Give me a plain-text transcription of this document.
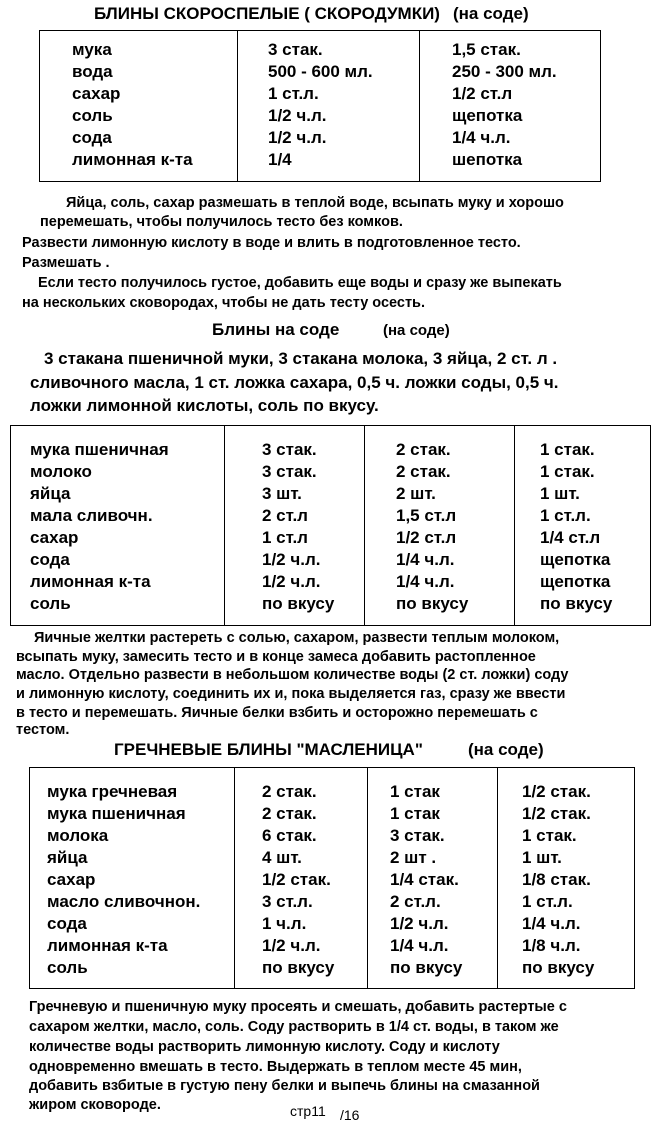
БЛИНЫ СКОРОСПЕЛЫЕ ( СКОРОДУМКИ) (на соде)
мука	3 стак.	1,5 стак.
вода	500 - 600 мл.	250 - 300 мл.
сахар	1 ст.л.	1/2 ст.л
соль	1/2 ч.л.	щепотка
сода	1/2 ч.л.	1/4 ч.л.
лимонная к-та	1/4	шепотка
Яйца, соль, сахар размешать в теплой воде, всыпать муку и хорошо
перемешать, чтобы получилось тесто без комков.
Развести лимонную кислоту в воде и влить в подготовленное тесто.
Размешать .
Если тесто получилось густое, добавить еще воды и сразу же выпекать
на нескольких сковородах, чтобы не дать тесту осесть.
Блины на соде	(на соде)
3 стакана пшеничной муки, 3 стакана молока, 3 яйца, 2 ст. л .
сливочного масла, 1 ст. ложка сахара, 0,5 ч. ложки соды, 0,5 ч.
ложки лимонной кислоты, соль по вкусу.
мука пшеничная	3 стак.	2 стак.	1 стак.
молоко	3 стак.	2 стак.	1 стак.
яйца	3 шт.	2 шт.	1 шт.
мала сливочн.	2 ст.л	1,5 ст.л	1 ст.л.
сахар	1 ст.л	1/2 ст.л	1/4 ст.л
сода	1/2 ч.л.	1/4 ч.л.	щепотка
лимонная к-та	1/2 ч.л.	1/4 ч.л.	щепотка
соль	по вкусу	по вкусу	по вкусу
Яичные желтки растереть с солью, сахаром, развести теплым молоком,
всыпать муку, замесить тесто и в конце замеса добавить растопленное
масло. Отдельно развести в небольшом количестве воды (2 ст. ложки) соду
и лимонную кислоту, соединить их и, пока выделяется газ, сразу же ввести
в тесто и перемешать. Яичные белки взбить и осторожно перемешать с
тестом.
ГРЕЧНЕВЫЕ БЛИНЫ "МАСЛЕНИЦА"	(на соде)
мука гречневая	2 стак.	1 стак	1/2 стак.
мука пшеничная	2 стак.	1 стак	1/2 стак.
молока	6 стак.	3 стак.	1 стак.
яйца	4 шт.	2 шт .	1 шт.
сахар	1/2 стак.	1/4 стак.	1/8 стак.
масло сливочнон.	3 ст.л.	2 ст.л.	1 ст.л.
сода	1 ч.л.	1/2 ч.л.	1/4 ч.л.
лимонная к-та	1/2 ч.л.	1/4 ч.л.	1/8 ч.л.
соль	по вкусу	по вкусу	по вкусу
Гречневую и пшеничную муку просеять и смешать, добавить растертые с
сахаром желтки, масло, соль. Соду растворить в 1/4 ст. воды, в таком же
количестве воды растворить лимонную кислоту. Соду и кислоту
одновременно вмешать в тесто. Выдержать в теплом месте 45 мин,
добавить взбитые в густую пену белки и выпечь блины на смазанной
жиром сковороде.	стр11 /16
